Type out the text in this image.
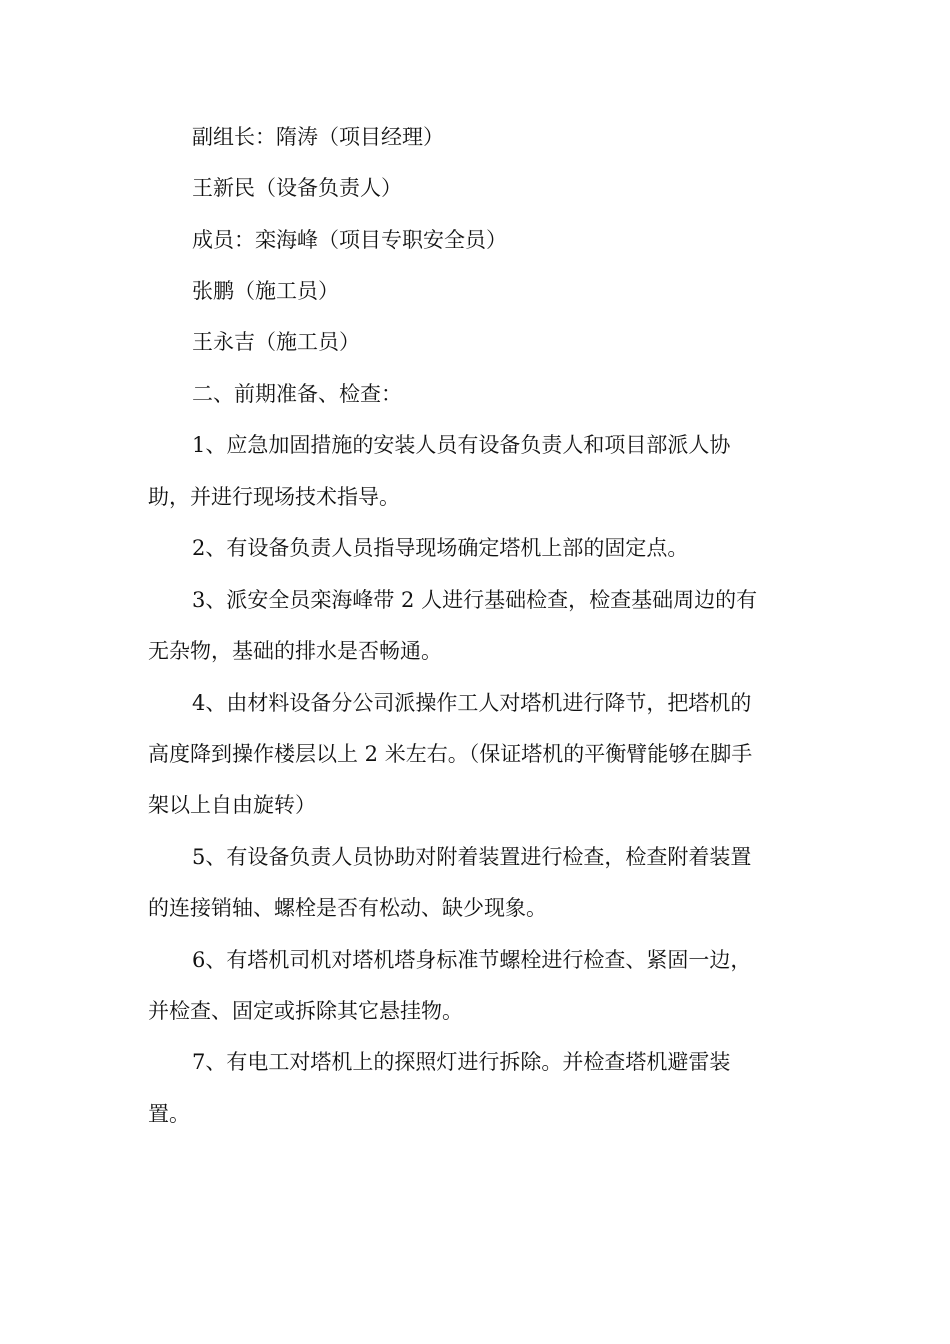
副组长：隋涛（项目经理）

王新民（设备负责人）

成员：栾海峰（项目专职安全员）

张鹏（施工员）

王永吉（施工员）

二、前期准备、检查：

1、应急加固措施的安装人员有设备负责人和项目部派人协

助，并进行现场技术指导。

2、有设备负责人员指导现场确定塔机上部的固定点。

3、派安全员栾海峰带 2 人进行基础检查，检查基础周边的有

无杂物，基础的排水是否畅通。

4、由材料设备分公司派操作工人对塔机进行降节，把塔机的

高度降到操作楼层以上 2 米左右。（保证塔机的平衡臂能够在脚手

架以上自由旋转）

5、有设备负责人员协助对附着装置进行检查，检查附着装置

的连接销轴、螺栓是否有松动、缺少现象。

6、有塔机司机对塔机塔身标准节螺栓进行检查、紧固一边，

并检查、固定或拆除其它悬挂物。

7、有电工对塔机上的探照灯进行拆除。并检查塔机避雷装

置。
